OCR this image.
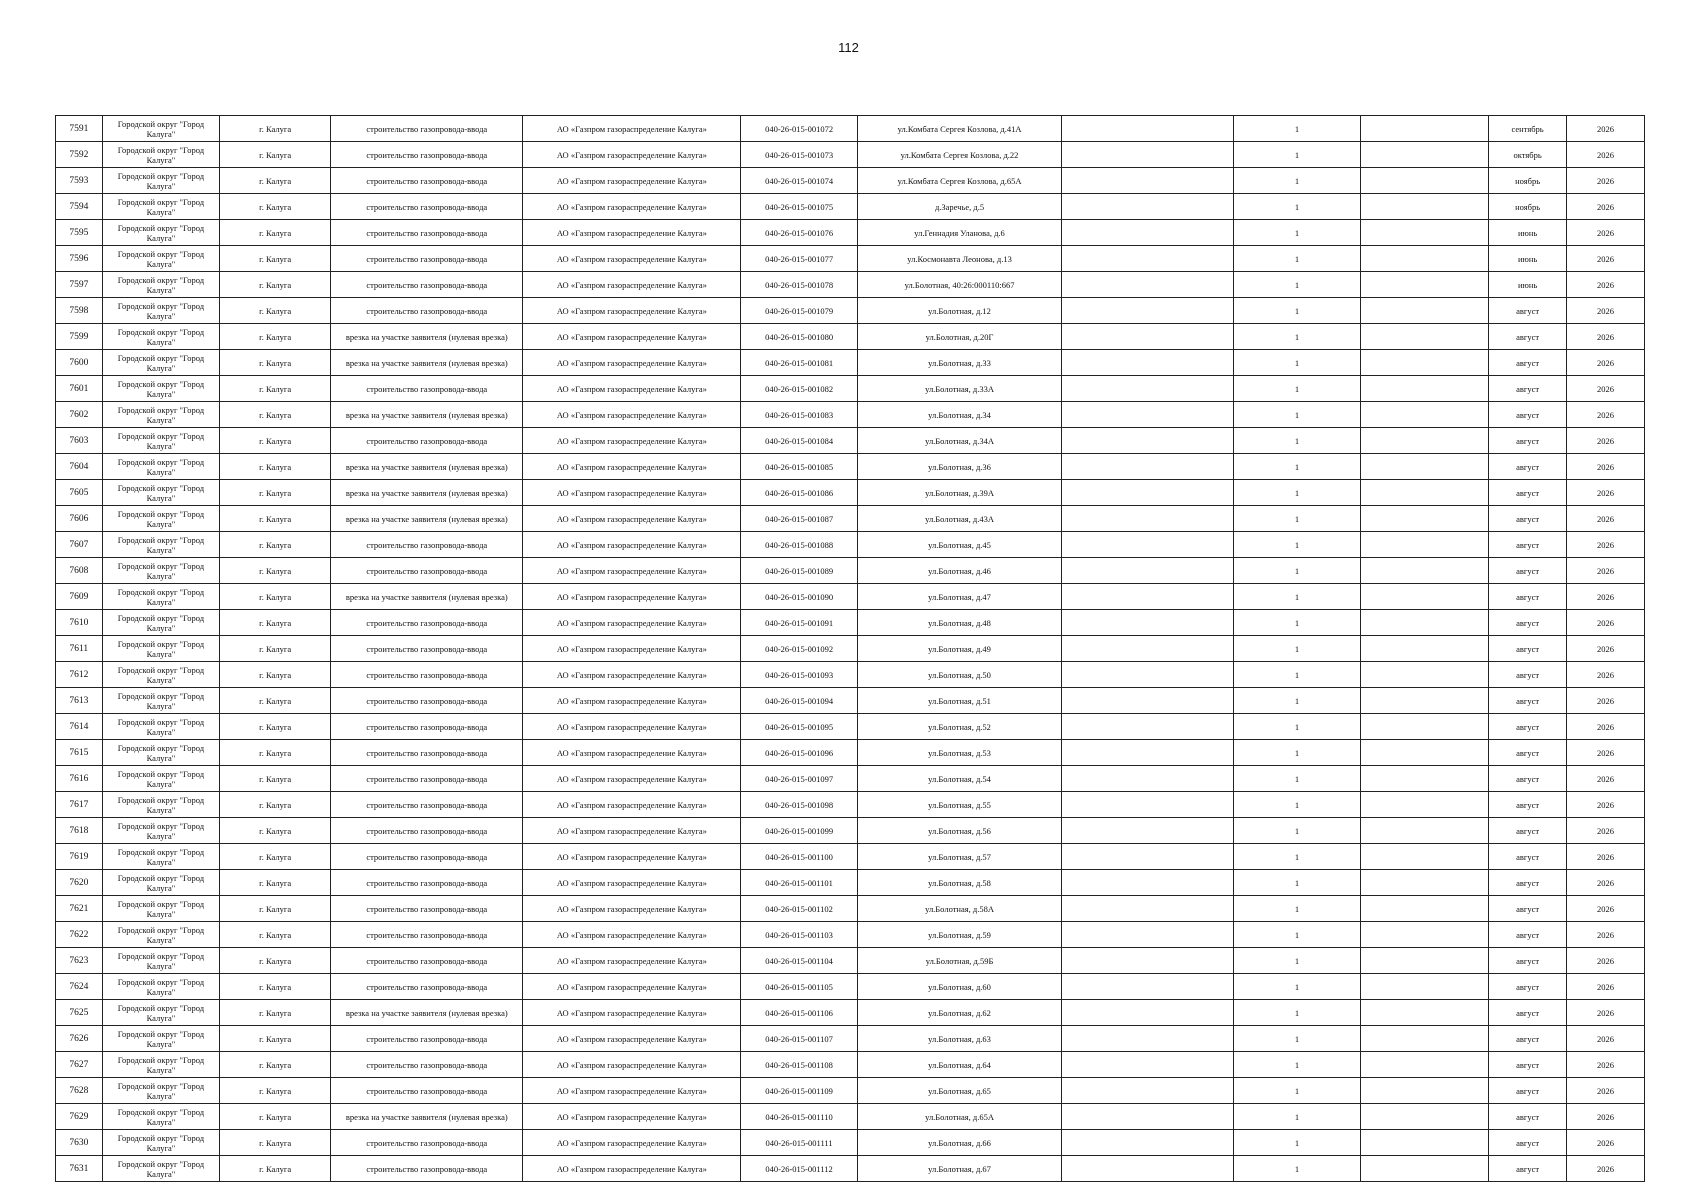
112
7591	Городской округ "Город Калуга"	г. Калуга	строительство газопровода-ввода	АО «Газпром газораспределение Калуга»	040-26-015-001072	ул.Комбата Сергея Козлова, д.41А		1		сентябрь	2026
7592	Городской округ "Город Калуга"	г. Калуга	строительство газопровода-ввода	АО «Газпром газораспределение Калуга»	040-26-015-001073	ул.Комбата Сергея Козлова, д.22		1		октябрь	2026
7593	Городской округ "Город Калуга"	г. Калуга	строительство газопровода-ввода	АО «Газпром газораспределение Калуга»	040-26-015-001074	ул.Комбата Сергея Козлова, д.65А		1		ноябрь	2026
7594	Городской округ "Город Калуга"	г. Калуга	строительство газопровода-ввода	АО «Газпром газораспределение Калуга»	040-26-015-001075	д.Заречье, д.5		1		ноябрь	2026
7595	Городской округ "Город Калуга"	г. Калуга	строительство газопровода-ввода	АО «Газпром газораспределение Калуга»	040-26-015-001076	ул.Геннадия Уланова, д.6		1		июнь	2026
7596	Городской округ "Город Калуга"	г. Калуга	строительство газопровода-ввода	АО «Газпром газораспределение Калуга»	040-26-015-001077	ул.Космонавта Леонова, д.13		1		июнь	2026
7597	Городской округ "Город Калуга"	г. Калуга	строительство газопровода-ввода	АО «Газпром газораспределение Калуга»	040-26-015-001078	ул.Болотная, 40:26:000110:667		1		июнь	2026
7598	Городской округ "Город Калуга"	г. Калуга	строительство газопровода-ввода	АО «Газпром газораспределение Калуга»	040-26-015-001079	ул.Болотная, д.12		1		август	2026
7599	Городской округ "Город Калуга"	г. Калуга	врезка на участке заявителя (нулевая врезка)	АО «Газпром газораспределение Калуга»	040-26-015-001080	ул.Болотная, д.20Г		1		август	2026
7600	Городской округ "Город Калуга"	г. Калуга	врезка на участке заявителя (нулевая врезка)	АО «Газпром газораспределение Калуга»	040-26-015-001081	ул.Болотная, д.33		1		август	2026
7601	Городской округ "Город Калуга"	г. Калуга	строительство газопровода-ввода	АО «Газпром газораспределение Калуга»	040-26-015-001082	ул.Болотная, д.33А		1		август	2026
7602	Городской округ "Город Калуга"	г. Калуга	врезка на участке заявителя (нулевая врезка)	АО «Газпром газораспределение Калуга»	040-26-015-001083	ул.Болотная, д.34		1		август	2026
7603	Городской округ "Город Калуга"	г. Калуга	строительство газопровода-ввода	АО «Газпром газораспределение Калуга»	040-26-015-001084	ул.Болотная, д.34А		1		август	2026
7604	Городской округ "Город Калуга"	г. Калуга	врезка на участке заявителя (нулевая врезка)	АО «Газпром газораспределение Калуга»	040-26-015-001085	ул.Болотная, д.36		1		август	2026
7605	Городской округ "Город Калуга"	г. Калуга	врезка на участке заявителя (нулевая врезка)	АО «Газпром газораспределение Калуга»	040-26-015-001086	ул.Болотная, д.39А		1		август	2026
7606	Городской округ "Город Калуга"	г. Калуга	врезка на участке заявителя (нулевая врезка)	АО «Газпром газораспределение Калуга»	040-26-015-001087	ул.Болотная, д.43А		1		август	2026
7607	Городской округ "Город Калуга"	г. Калуга	строительство газопровода-ввода	АО «Газпром газораспределение Калуга»	040-26-015-001088	ул.Болотная, д.45		1		август	2026
7608	Городской округ "Город Калуга"	г. Калуга	строительство газопровода-ввода	АО «Газпром газораспределение Калуга»	040-26-015-001089	ул.Болотная, д.46		1		август	2026
7609	Городской округ "Город Калуга"	г. Калуга	врезка на участке заявителя (нулевая врезка)	АО «Газпром газораспределение Калуга»	040-26-015-001090	ул.Болотная, д.47		1		август	2026
7610	Городской округ "Город Калуга"	г. Калуга	строительство газопровода-ввода	АО «Газпром газораспределение Калуга»	040-26-015-001091	ул.Болотная, д.48		1		август	2026
7611	Городской округ "Город Калуга"	г. Калуга	строительство газопровода-ввода	АО «Газпром газораспределение Калуга»	040-26-015-001092	ул.Болотная, д.49		1		август	2026
7612	Городской округ "Город Калуга"	г. Калуга	строительство газопровода-ввода	АО «Газпром газораспределение Калуга»	040-26-015-001093	ул.Болотная, д.50		1		август	2026
7613	Городской округ "Город Калуга"	г. Калуга	строительство газопровода-ввода	АО «Газпром газораспределение Калуга»	040-26-015-001094	ул.Болотная, д.51		1		август	2026
7614	Городской округ "Город Калуга"	г. Калуга	строительство газопровода-ввода	АО «Газпром газораспределение Калуга»	040-26-015-001095	ул.Болотная, д.52		1		август	2026
7615	Городской округ "Город Калуга"	г. Калуга	строительство газопровода-ввода	АО «Газпром газораспределение Калуга»	040-26-015-001096	ул.Болотная, д.53		1		август	2026
7616	Городской округ "Город Калуга"	г. Калуга	строительство газопровода-ввода	АО «Газпром газораспределение Калуга»	040-26-015-001097	ул.Болотная, д.54		1		август	2026
7617	Городской округ "Город Калуга"	г. Калуга	строительство газопровода-ввода	АО «Газпром газораспределение Калуга»	040-26-015-001098	ул.Болотная, д.55		1		август	2026
7618	Городской округ "Город Калуга"	г. Калуга	строительство газопровода-ввода	АО «Газпром газораспределение Калуга»	040-26-015-001099	ул.Болотная, д.56		1		август	2026
7619	Городской округ "Город Калуга"	г. Калуга	строительство газопровода-ввода	АО «Газпром газораспределение Калуга»	040-26-015-001100	ул.Болотная, д.57		1		август	2026
7620	Городской округ "Город Калуга"	г. Калуга	строительство газопровода-ввода	АО «Газпром газораспределение Калуга»	040-26-015-001101	ул.Болотная, д.58		1		август	2026
7621	Городской округ "Город Калуга"	г. Калуга	строительство газопровода-ввода	АО «Газпром газораспределение Калуга»	040-26-015-001102	ул.Болотная, д.58А		1		август	2026
7622	Городской округ "Город Калуга"	г. Калуга	строительство газопровода-ввода	АО «Газпром газораспределение Калуга»	040-26-015-001103	ул.Болотная, д.59		1		август	2026
7623	Городской округ "Город Калуга"	г. Калуга	строительство газопровода-ввода	АО «Газпром газораспределение Калуга»	040-26-015-001104	ул.Болотная, д.59Б		1		август	2026
7624	Городской округ "Город Калуга"	г. Калуга	строительство газопровода-ввода	АО «Газпром газораспределение Калуга»	040-26-015-001105	ул.Болотная, д.60		1		август	2026
7625	Городской округ "Город Калуга"	г. Калуга	врезка на участке заявителя (нулевая врезка)	АО «Газпром газораспределение Калуга»	040-26-015-001106	ул.Болотная, д.62		1		август	2026
7626	Городской округ "Город Калуга"	г. Калуга	строительство газопровода-ввода	АО «Газпром газораспределение Калуга»	040-26-015-001107	ул.Болотная, д.63		1		август	2026
7627	Городской округ "Город Калуга"	г. Калуга	строительство газопровода-ввода	АО «Газпром газораспределение Калуга»	040-26-015-001108	ул.Болотная, д.64		1		август	2026
7628	Городской округ "Город Калуга"	г. Калуга	строительство газопровода-ввода	АО «Газпром газораспределение Калуга»	040-26-015-001109	ул.Болотная, д.65		1		август	2026
7629	Городской округ "Город Калуга"	г. Калуга	врезка на участке заявителя (нулевая врезка)	АО «Газпром газораспределение Калуга»	040-26-015-001110	ул.Болотная, д.65А		1		август	2026
7630	Городской округ "Город Калуга"	г. Калуга	строительство газопровода-ввода	АО «Газпром газораспределение Калуга»	040-26-015-001111	ул.Болотная, д.66		1		август	2026
7631	Городской округ "Город Калуга"	г. Калуга	строительство газопровода-ввода	АО «Газпром газораспределение Калуга»	040-26-015-001112	ул.Болотная, д.67		1		август	2026
